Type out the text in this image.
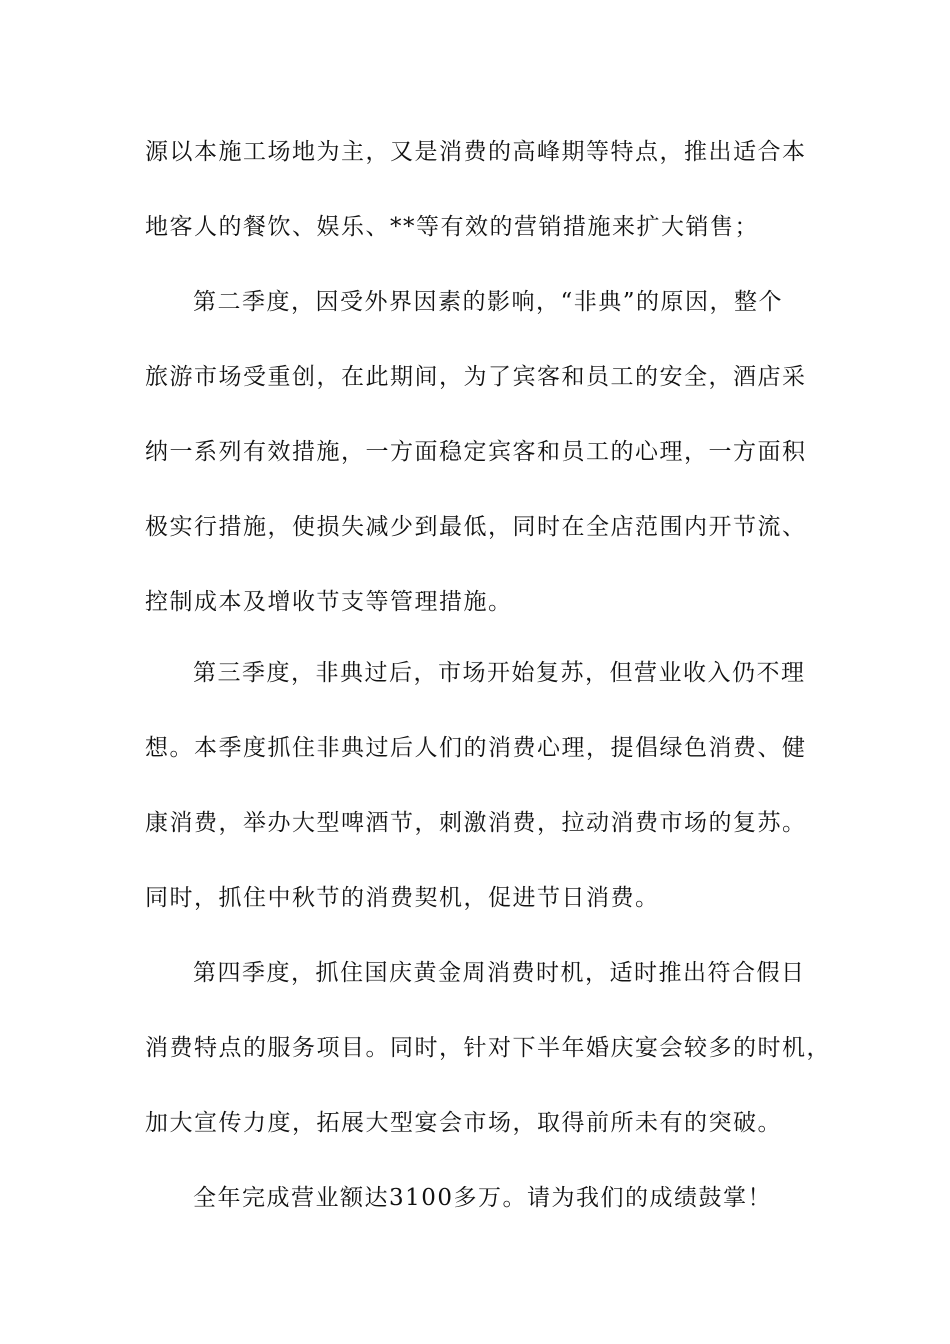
源以本施工场地为主，又是消费的高峰期等特点，推出适合本
地客人的餐饮、娱乐、**等有效的营销措施来扩大销售；
第二季度，因受外界因素的影响，“非典”的原因，整个
旅游市场受重创，在此期间，为了宾客和员工的安全，酒店采
纳一系列有效措施，一方面稳定宾客和员工的心理，一方面积
极实行措施，使损失减少到最低，同时在全店范围内开节流、
控制成本及增收节支等管理措施。
第三季度，非典过后，市场开始复苏，但营业收入仍不理
想。本季度抓住非典过后人们的消费心理，提倡绿色消费、健
康消费，举办大型啤酒节，刺激消费，拉动消费市场的复苏。
同时，抓住中秋节的消费契机，促进节日消费。
第四季度，抓住国庆黄金周消费时机，适时推出符合假日
消费特点的服务项目。同时，针对下半年婚庆宴会较多的时机，
加大宣传力度，拓展大型宴会市场，取得前所未有的突破。
全年完成营业额达3100多万。请为我们的成绩鼓掌！
